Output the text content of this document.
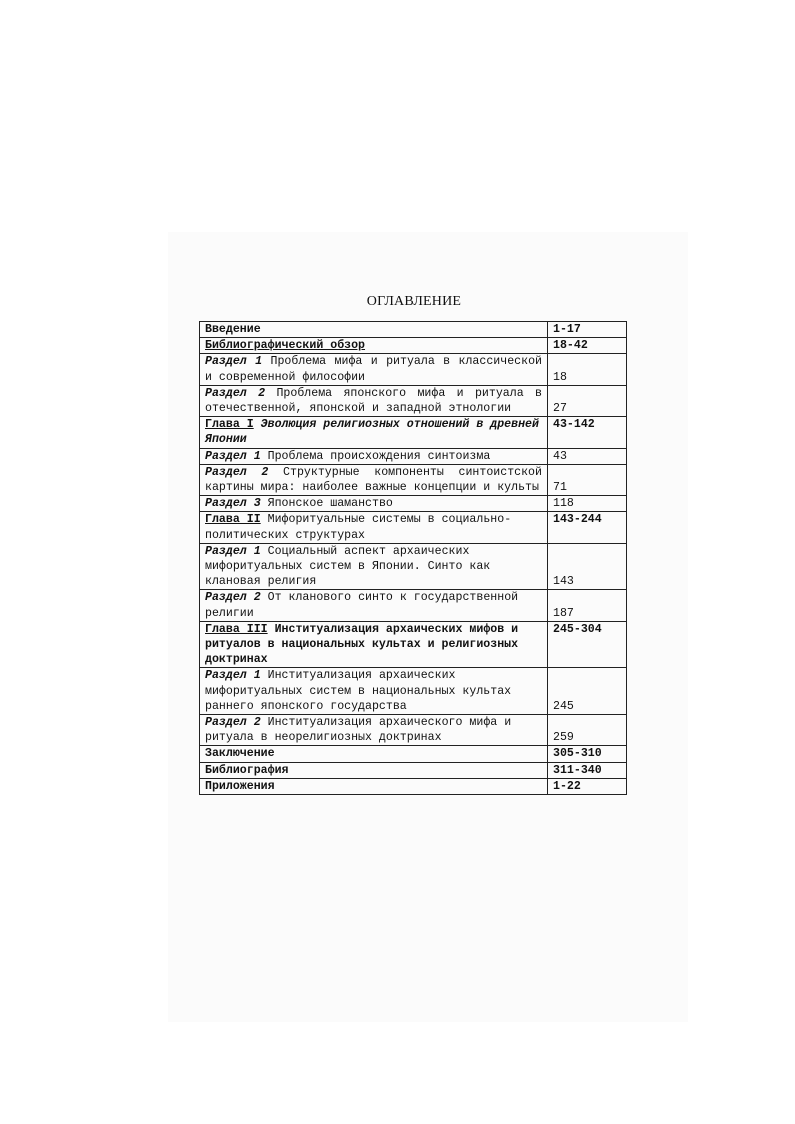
ОГЛАВЛЕНИЕ
Введение	1-17
Библиографический обзор	18-42
Раздел 1 Проблема мифа и ритуала в классической и современной философии	18
Раздел 2 Проблема японского мифа и ритуала в отечественной, японской и западной этнологии	27
Глава I Эволюция религиозных отношений в древней Японии	43-142
Раздел 1 Проблема происхождения синтоизма	43
Раздел 2 Структурные компоненты синтоистской картины мира: наиболее важные концепции и культы	71
Раздел 3 Японское шаманство	118
Глава II Мифоритуальные системы в социально-политических структурах	143-244
Раздел 1 Социальный аспект архаических мифоритуальных систем в Японии. Синто как клановая религия	143
Раздел 2 От кланового синто к государственной религии	187
Глава III Институализация архаических мифов и ритуалов в национальных культах и религиозных доктринах	245-304
Раздел 1 Институализация архаических мифоритуальных систем в национальных культах раннего японского государства	245
Раздел 2 Институализация архаического мифа и ритуала в неорелигиозных доктринах	259
Заключение	305-310
Библиография	311-340
Приложения	1-22
